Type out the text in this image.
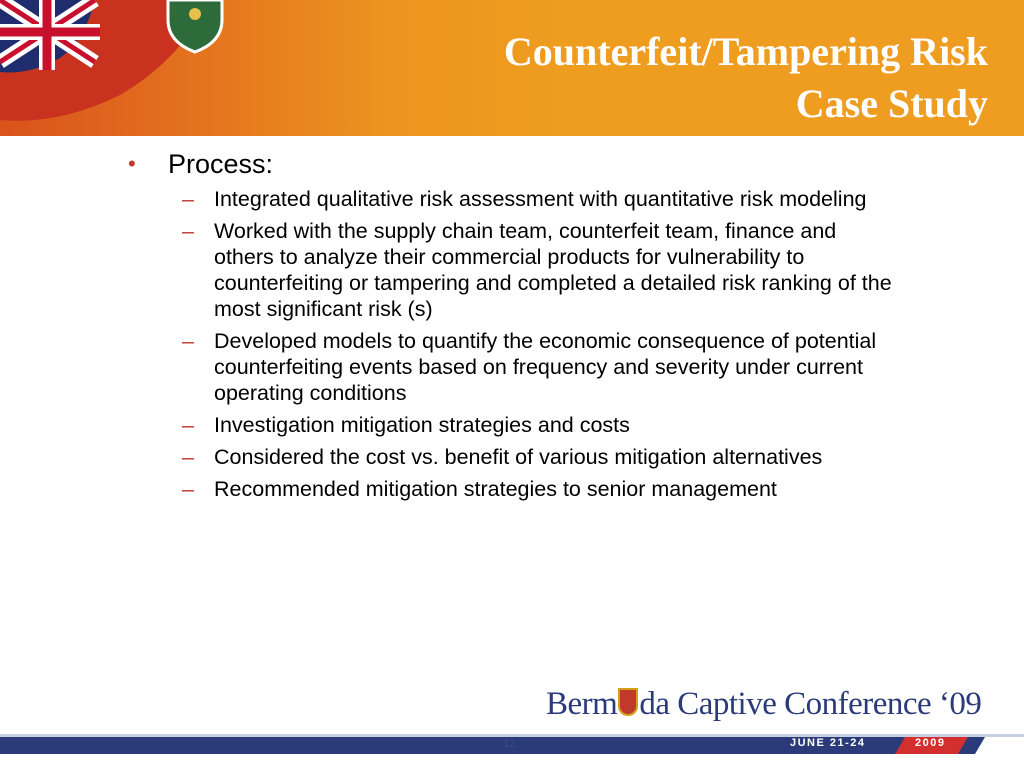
Counterfeit/Tampering Risk
Case Study
•	Process:
– Integrated qualitative risk assessment with quantitative risk modeling
– Worked with the supply chain team, counterfeit team, finance and others to analyze their commercial products for vulnerability to counterfeiting or tampering and completed a detailed risk ranking of the most significant risk (s)
– Developed models to quantify the economic consequence of potential counterfeiting events based on frequency and severity under current operating conditions
– Investigation mitigation strategies and costs
– Considered the cost vs. benefit of various mitigation alternatives
– Recommended mitigation strategies to senior management
Berm da Captive Conference ‘09
12	JUNE 21-24	2009
